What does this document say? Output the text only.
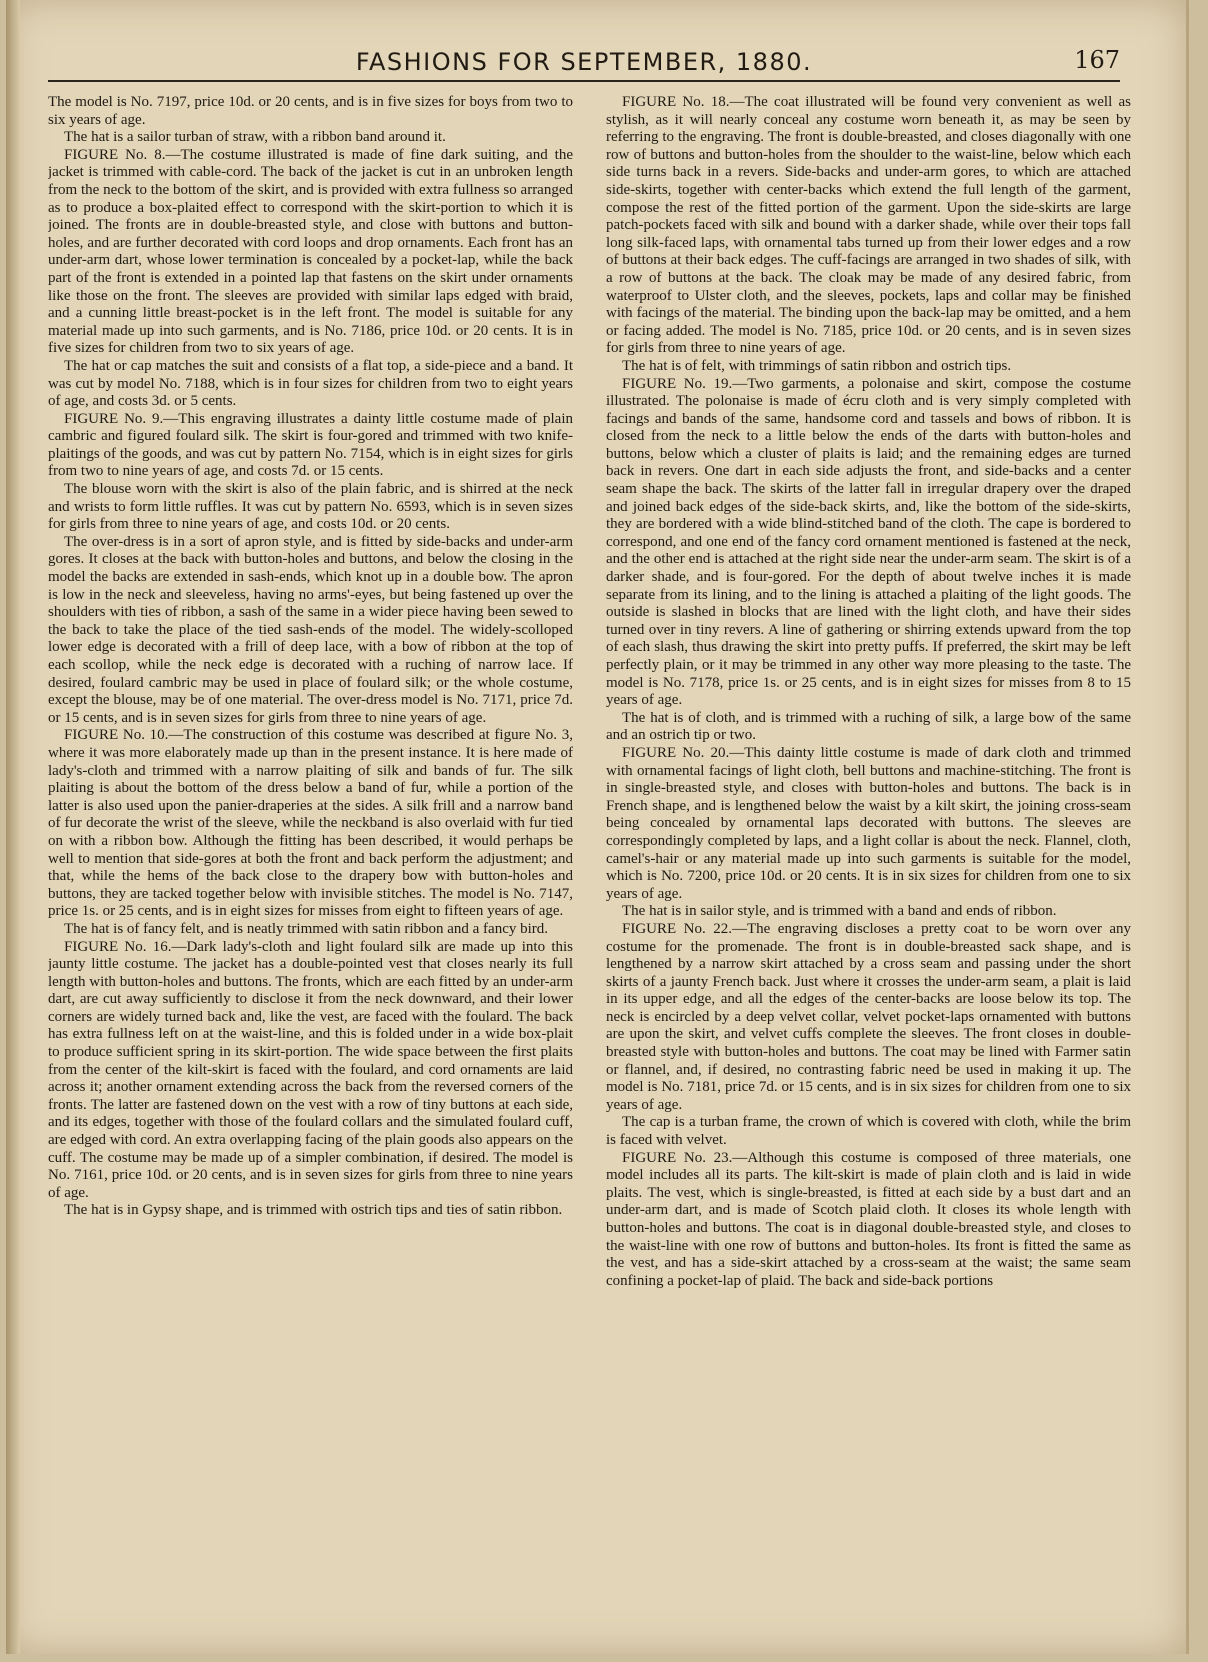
FASHIONS FOR SEPTEMBER, 1880.	167

The model is No. 7197, price 10d. or 20 cents, and is in five sizes for boys from two to six years of age.

The hat is a sailor turban of straw, with a ribbon band around it.

FIGURE No. 8.—The costume illustrated is made of fine dark suiting, and the jacket is trimmed with cable-cord. The back of the jacket is cut in an unbroken length from the neck to the bottom of the skirt, and is provided with extra fullness so arranged as to produce a box-plaited effect to correspond with the skirt-portion to which it is joined. The fronts are in double-breasted style, and close with buttons and button-holes, and are further decorated with cord loops and drop ornaments. Each front has an under-arm dart, whose lower termination is concealed by a pocket-lap, while the back part of the front is extended in a pointed lap that fastens on the skirt under ornaments like those on the front. The sleeves are provided with similar laps edged with braid, and a cunning little breast-pocket is in the left front. The model is suitable for any material made up into such garments, and is No. 7186, price 10d. or 20 cents. It is in five sizes for children from two to six years of age.

The hat or cap matches the suit and consists of a flat top, a side-piece and a band. It was cut by model No. 7188, which is in four sizes for children from two to eight years of age, and costs 3d. or 5 cents.

FIGURE No. 9.—This engraving illustrates a dainty little costume made of plain cambric and figured foulard silk. The skirt is four-gored and trimmed with two knife-plaitings of the goods, and was cut by pattern No. 7154, which is in eight sizes for girls from two to nine years of age, and costs 7d. or 15 cents.

The blouse worn with the skirt is also of the plain fabric, and is shirred at the neck and wrists to form little ruffles. It was cut by pattern No. 6593, which is in seven sizes for girls from three to nine years of age, and costs 10d. or 20 cents.

The over-dress is in a sort of apron style, and is fitted by side-backs and under-arm gores. It closes at the back with button-holes and buttons, and below the closing in the model the backs are extended in sash-ends, which knot up in a double bow. The apron is low in the neck and sleeveless, having no arms'-eyes, but being fastened up over the shoulders with ties of ribbon, a sash of the same in a wider piece having been sewed to the back to take the place of the tied sash-ends of the model. The widely-scolloped lower edge is decorated with a frill of deep lace, with a bow of ribbon at the top of each scollop, while the neck edge is decorated with a ruching of narrow lace. If desired, foulard cambric may be used in place of foulard silk; or the whole costume, except the blouse, may be of one material. The over-dress model is No. 7171, price 7d. or 15 cents, and is in seven sizes for girls from three to nine years of age.

FIGURE No. 10.—The construction of this costume was described at figure No. 3, where it was more elaborately made up than in the present instance. It is here made of lady's-cloth and trimmed with a narrow plaiting of silk and bands of fur. The silk plaiting is about the bottom of the dress below a band of fur, while a portion of the latter is also used upon the panier-draperies at the sides. A silk frill and a narrow band of fur decorate the wrist of the sleeve, while the neckband is also overlaid with fur tied on with a ribbon bow. Although the fitting has been described, it would perhaps be well to mention that side-gores at both the front and back perform the adjustment; and that, while the hems of the back close to the drapery bow with button-holes and buttons, they are tacked together below with invisible stitches. The model is No. 7147, price 1s. or 25 cents, and is in eight sizes for misses from eight to fifteen years of age.

The hat is of fancy felt, and is neatly trimmed with satin ribbon and a fancy bird.

FIGURE No. 16.—Dark lady's-cloth and light foulard silk are made up into this jaunty little costume. The jacket has a double-pointed vest that closes nearly its full length with button-holes and buttons. The fronts, which are each fitted by an under-arm dart, are cut away sufficiently to disclose it from the neck downward, and their lower corners are widely turned back and, like the vest, are faced with the foulard. The back has extra fullness left on at the waist-line, and this is folded under in a wide box-plait to produce sufficient spring in its skirt-portion. The wide space between the first plaits from the center of the kilt-skirt is faced with the foulard, and cord ornaments are laid across it; another ornament extending across the back from the reversed corners of the fronts. The latter are fastened down on the vest with a row of tiny buttons at each side, and its edges, together with those of the foulard collars and the simulated foulard cuff, are edged with cord. An extra overlapping facing of the plain goods also appears on the cuff. The costume may be made up of a simpler combination, if desired. The model is No. 7161, price 10d. or 20 cents, and is in seven sizes for girls from three to nine years of age.

The hat is in Gypsy shape, and is trimmed with ostrich tips and ties of satin ribbon.

FIGURE No. 18.—The coat illustrated will be found very convenient as well as stylish, as it will nearly conceal any costume worn beneath it, as may be seen by referring to the engraving. The front is double-breasted, and closes diagonally with one row of buttons and button-holes from the shoulder to the waist-line, below which each side turns back in a revers. Side-backs and under-arm gores, to which are attached side-skirts, together with center-backs which extend the full length of the garment, compose the rest of the fitted portion of the garment. Upon the side-skirts are large patch-pockets faced with silk and bound with a darker shade, while over their tops fall long silk-faced laps, with ornamental tabs turned up from their lower edges and a row of buttons at their back edges. The cuff-facings are arranged in two shades of silk, with a row of buttons at the back. The cloak may be made of any desired fabric, from waterproof to Ulster cloth, and the sleeves, pockets, laps and collar may be finished with facings of the material. The binding upon the back-lap may be omitted, and a hem or facing added. The model is No. 7185, price 10d. or 20 cents, and is in seven sizes for girls from three to nine years of age.

The hat is of felt, with trimmings of satin ribbon and ostrich tips.

FIGURE No. 19.—Two garments, a polonaise and skirt, compose the costume illustrated. The polonaise is made of écru cloth and is very simply completed with facings and bands of the same, handsome cord and tassels and bows of ribbon. It is closed from the neck to a little below the ends of the darts with button-holes and buttons, below which a cluster of plaits is laid; and the remaining edges are turned back in revers. One dart in each side adjusts the front, and side-backs and a center seam shape the back. The skirts of the latter fall in irregular drapery over the draped and joined back edges of the side-back skirts, and, like the bottom of the side-skirts, they are bordered with a wide blind-stitched band of the cloth. The cape is bordered to correspond, and one end of the fancy cord ornament mentioned is fastened at the neck, and the other end is attached at the right side near the under-arm seam. The skirt is of a darker shade, and is four-gored. For the depth of about twelve inches it is made separate from its lining, and to the lining is attached a plaiting of the light goods. The outside is slashed in blocks that are lined with the light cloth, and have their sides turned over in tiny revers. A line of gathering or shirring extends upward from the top of each slash, thus drawing the skirt into pretty puffs. If preferred, the skirt may be left perfectly plain, or it may be trimmed in any other way more pleasing to the taste. The model is No. 7178, price 1s. or 25 cents, and is in eight sizes for misses from 8 to 15 years of age.

The hat is of cloth, and is trimmed with a ruching of silk, a large bow of the same and an ostrich tip or two.

FIGURE No. 20.—This dainty little costume is made of dark cloth and trimmed with ornamental facings of light cloth, bell buttons and machine-stitching. The front is in single-breasted style, and closes with button-holes and buttons. The back is in French shape, and is lengthened below the waist by a kilt skirt, the joining cross-seam being concealed by ornamental laps decorated with buttons. The sleeves are correspondingly completed by laps, and a light collar is about the neck. Flannel, cloth, camel's-hair or any material made up into such garments is suitable for the model, which is No. 7200, price 10d. or 20 cents. It is in six sizes for children from one to six years of age.

The hat is in sailor style, and is trimmed with a band and ends of ribbon.

FIGURE No. 22.—The engraving discloses a pretty coat to be worn over any costume for the promenade. The front is in double-breasted sack shape, and is lengthened by a narrow skirt attached by a cross seam and passing under the short skirts of a jaunty French back. Just where it crosses the under-arm seam, a plait is laid in its upper edge, and all the edges of the center-backs are loose below its top. The neck is encircled by a deep velvet collar, velvet pocket-laps ornamented with buttons are upon the skirt, and velvet cuffs complete the sleeves. The front closes in double-breasted style with button-holes and buttons. The coat may be lined with Farmer satin or flannel, and, if desired, no contrasting fabric need be used in making it up. The model is No. 7181, price 7d. or 15 cents, and is in six sizes for children from one to six years of age.

The cap is a turban frame, the crown of which is covered with cloth, while the brim is faced with velvet.

FIGURE No. 23.—Although this costume is composed of three materials, one model includes all its parts. The kilt-skirt is made of plain cloth and is laid in wide plaits. The vest, which is single-breasted, is fitted at each side by a bust dart and an under-arm dart, and is made of Scotch plaid cloth. It closes its whole length with button-holes and buttons. The coat is in diagonal double-breasted style, and closes to the waist-line with one row of buttons and button-holes. Its front is fitted the same as the vest, and has a side-skirt attached by a cross-seam at the waist; the same seam confining a pocket-lap of plaid. The back and side-back portions
